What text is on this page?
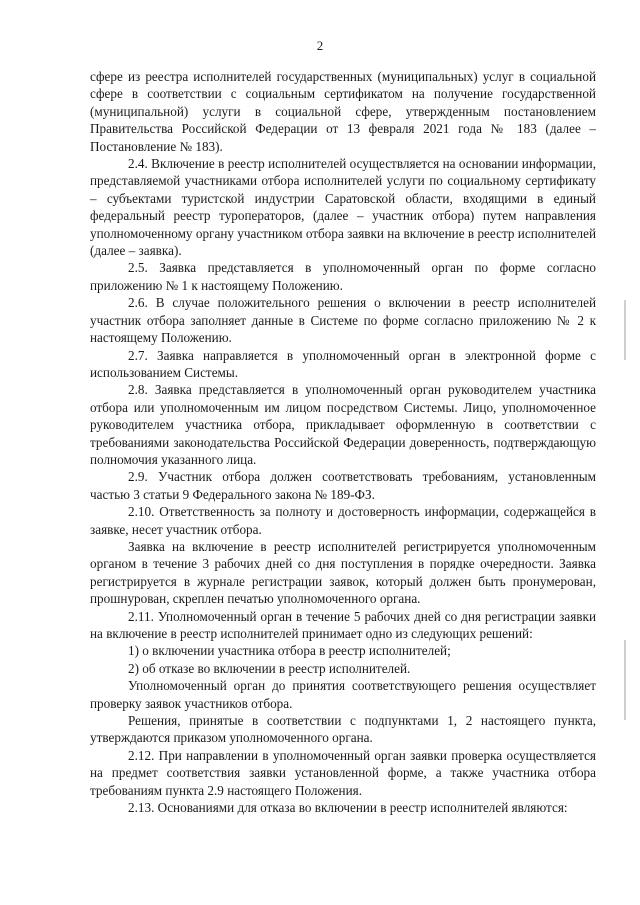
2

сфере из реестра исполнителей государственных (муниципальных) услуг в социальной сфере в соответствии с социальным сертификатом на получение государственной (муниципальной) услуги в социальной сфере, утвержденным постановлением Правительства Российской Федерации от 13 февраля 2021 года № 183 (далее – Постановление № 183).

2.4. Включение в реестр исполнителей осуществляется на основании информации, представляемой участниками отбора исполнителей услуги по социальному сертификату – субъектами туристской индустрии Саратовской области, входящими в единый федеральный реестр туроператоров, (далее – участник отбора) путем направления уполномоченному органу участником отбора заявки на включение в реестр исполнителей (далее – заявка).

2.5. Заявка представляется в уполномоченный орган по форме согласно приложению № 1 к настоящему Положению.

2.6. В случае положительного решения о включении в реестр исполнителей участник отбора заполняет данные в Системе по форме согласно приложению № 2 к настоящему Положению.

2.7. Заявка направляется в уполномоченный орган в электронной форме с использованием Системы.

2.8. Заявка представляется в уполномоченный орган руководителем участника отбора или уполномоченным им лицом посредством Системы. Лицо, уполномоченное руководителем участника отбора, прикладывает оформленную в соответствии с требованиями законодательства Российской Федерации доверенность, подтверждающую полномочия указанного лица.

2.9. Участник отбора должен соответствовать требованиям, установленным частью 3 статьи 9 Федерального закона № 189-ФЗ.

2.10. Ответственность за полноту и достоверность информации, содержащейся в заявке, несет участник отбора.

Заявка на включение в реестр исполнителей регистрируется уполномоченным органом в течение 3 рабочих дней со дня поступления в порядке очередности. Заявка регистрируется в журнале регистрации заявок, который должен быть пронумерован, прошнурован, скреплен печатью уполномоченного органа.

2.11. Уполномоченный орган в течение 5 рабочих дней со дня регистрации заявки на включение в реестр исполнителей принимает одно из следующих решений:

1) о включении участника отбора в реестр исполнителей;

2) об отказе во включении в реестр исполнителей.

Уполномоченный орган до принятия соответствующего решения осуществляет проверку заявок участников отбора.

Решения, принятые в соответствии с подпунктами 1, 2 настоящего пункта, утверждаются приказом уполномоченного органа.

2.12. При направлении в уполномоченный орган заявки проверка осуществляется на предмет соответствия заявки установленной форме, а также участника отбора требованиям пункта 2.9 настоящего Положения.

2.13. Основаниями для отказа во включении в реестр исполнителей являются:
